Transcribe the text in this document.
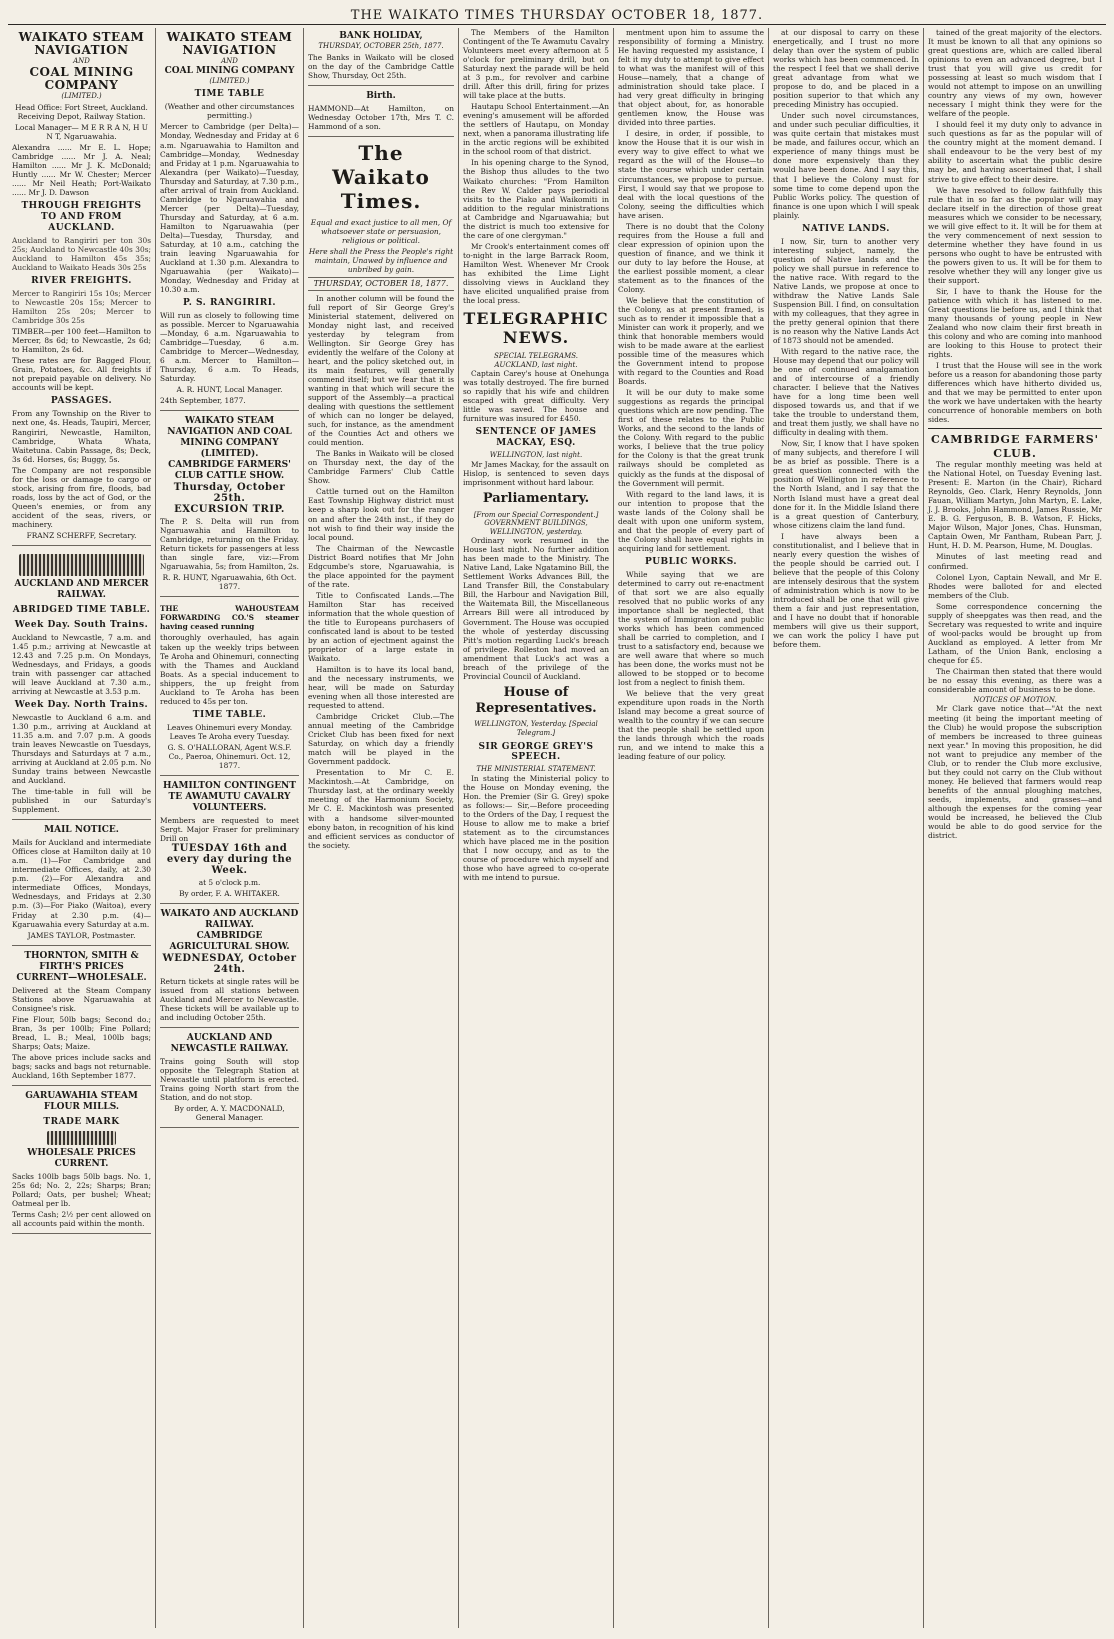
THE WAIKATO TIMES THURSDAY OCTOBER 18, 1877.
WAIKATO STEAM NAVIGATION
AND
COAL MINING COMPANY
(LIMITED.)
Head Office: Fort Street, Auckland. Receiving Depot, Railway Station.
Local Manager— M E R R A N, H U N T, Ngaruawahia.
Alexandra ...... Mr E. L. Hope; Cambridge ...... Mr J. A. Neal; Hamilton ...... Mr J. K. McDonald; Huntly ...... Mr W. Chester; Mercer ...... Mr Neil Heath; Port-Waikato ...... Mr J. D. Dawson
THROUGH FREIGHTS TO AND FROM AUCKLAND.
Auckland to Rangiriri per ton 30s 25s; Auckland to Newcastle 40s 30s; Auckland to Hamilton 45s 35s; Auckland to Waikato Heads 30s 25s
RIVER FREIGHTS.
Mercer to Rangiriri 15s 10s; Mercer to Newcastle 20s 15s; Mercer to Hamilton 25s 20s; Mercer to Cambridge 30s 25s
TIMBER—per 100 feet—Hamilton to Mercer, 8s 6d; to Newcastle, 2s 6d; to Hamilton, 2s 6d.
These rates are for Bagged Flour, Grain, Potatoes, &c. All freights if not prepaid payable on delivery. No accounts will be kept.
PASSAGES.
From any Township on the River to next one, 4s. Heads, Taupiri, Mercer, Rangiriri, Newcastle, Hamilton, Cambridge, Whata Whata, Waitetuna. Cabin Passage, 8s; Deck, 3s 6d. Horses, 6s; Buggy, 5s.
The Company are not responsible for the loss or damage to cargo or stock, arising from fire, floods, bad roads, loss by the act of God, or the Queen's enemies, or from any accident of the seas, rivers, or machinery.
FRANZ SCHERFF, Secretary.
AUCKLAND AND MERCER RAILWAY.
ABRIDGED TIME TABLE.
Week Day. South Trains.
Auckland to Newcastle, 7 a.m. and 1.45 p.m.; arriving at Newcastle at 12.43 and 7.25 p.m. On Mondays, Wednesdays, and Fridays, a goods train with passenger car attached will leave Auckland at 7.30 a.m., arriving at Newcastle at 3.53 p.m.
Week Day. North Trains.
Newcastle to Auckland 6 a.m. and 1.30 p.m., arriving at Auckland at 11.35 a.m. and 7.07 p.m. A goods train leaves Newcastle on Tuesdays, Thursdays and Saturdays at 7 a.m., arriving at Auckland at 2.05 p.m. No Sunday trains between Newcastle and Auckland.
The time-table in full will be published in our Saturday's Supplement.
MAIL NOTICE.
Mails for Auckland and intermediate Offices close at Hamilton daily at 10 a.m. (1)—For Cambridge and intermediate Offices, daily, at 2.30 p.m. (2)—For Alexandra and intermediate Offices, Mondays, Wednesdays, and Fridays at 2.30 p.m. (3)—For Piako (Waitoa), every Friday at 2.30 p.m. (4)—Kgaruawahia every Saturday at a.m.
JAMES TAYLOR, Postmaster.
THORNTON, SMITH & FIRTH'S PRICES CURRENT—WHOLESALE.
Delivered at the Steam Company Stations above Ngaruawahia at Consignee's risk.
Fine Flour, 50lb bags; Second do.; Bran, 3s per 100lb; Fine Pollard; Bread, L. B.; Meal, 100lb bags; Sharps; Oats; Maize.
The above prices include sacks and bags; sacks and bags not returnable. Auckland, 16th September 1877.
GARUAWAHIA STEAM FLOUR MILLS.
TRADE MARK
WHOLESALE PRICES CURRENT.
Sacks 100lb bags 50lb bags. No. 1, 25s 6d; No. 2, 22s; Sharps; Bran; Pollard; Oats, per bushel; Wheat; Oatmeal per lb.
Terms Cash; 2½ per cent allowed on all accounts paid within the month.
WAIKATO STEAM NAVIGATION
AND
COAL MINING COMPANY
(LIMITED.)
TIME TABLE
(Weather and other circumstances permitting.)
Mercer to Cambridge (per Delta)—Monday, Wednesday and Friday at 6 a.m. Ngaruawahia to Hamilton and Cambridge—Monday, Wednesday and Friday at 1 p.m. Ngaruawahia to Alexandra (per Waikato)—Tuesday, Thursday and Saturday, at 7.30 p.m., after arrival of train from Auckland. Cambridge to Ngaruawahia and Mercer (per Delta)—Tuesday, Thursday and Saturday, at 6 a.m. Hamilton to Ngaruawahia (per Delta)—Tuesday, Thursday, and Saturday, at 10 a.m., catching the train leaving Ngaruawahia for Auckland at 1.30 p.m. Alexandra to Ngaruawahia (per Waikato)—Monday, Wednesday and Friday at 10.30 a.m.
P. S. RANGIRIRI.
Will run as closely to following time as possible. Mercer to Ngaruawahia—Monday, 6 a.m. Ngaruawahia to Cambridge—Tuesday, 6 a.m. Cambridge to Mercer—Wednesday, 6 a.m. Mercer to Hamilton—Thursday, 6 a.m. To Heads, Saturday.
A. R. HUNT, Local Manager.
24th September, 1877.
WAIKATO STEAM NAVIGATION AND COAL MINING COMPANY (LIMITED).
CAMBRIDGE FARMERS' CLUB CATTLE SHOW.
Thursday, October 25th.
EXCURSION TRIP.
The P. S. Delta will run from Ngaruawahia and Hamilton to Cambridge, returning on the Friday. Return tickets for passengers at less than single fare, viz:—From Ngaruawahia, 5s; from Hamilton, 2s.
R. R. HUNT, Ngaruawahia, 6th Oct. 1877.
THE WAHOUSTEAM FORWARDING CO.'S steamer having ceased running
thoroughly overhauled, has again taken up the weekly trips between Te Aroha and Ohinemuri, connecting with the Thames and Auckland Boats. As a special inducement to shippers, the up freight from Auckland to Te Aroha has been reduced to 45s per ton.
TIME TABLE.
Leaves Ohinemuri every Monday. Leaves Te Aroha every Tuesday.
G. S. O'HALLORAN, Agent W.S.F. Co., Paeroa, Ohinemuri. Oct. 12, 1877.
HAMILTON CONTINGENT TE AWAMUTU CAVALRY VOLUNTEERS.
Members are requested to meet Sergt. Major Fraser for preliminary Drill on
TUESDAY 16th and every day during the Week.
at 5 o'clock p.m.
By order, F. A. WHITAKER.
WAIKATO AND AUCKLAND RAILWAY.
CAMBRIDGE AGRICULTURAL SHOW.
WEDNESDAY, October 24th.
Return tickets at single rates will be issued from all stations between Auckland and Mercer to Newcastle. These tickets will be available up to and including October 25th.
AUCKLAND AND NEWCASTLE RAILWAY.
Trains going South will stop opposite the Telegraph Station at Newcastle until platform is erected. Trains going North start from the Station, and do not stop.
By order, A. Y. MACDONALD, General Manager.
BANK HOLIDAY,
THURSDAY, OCTOBER 25th, 1877.
The Banks in Waikato will be closed on the day of the Cambridge Cattle Show, Thursday, Oct 25th.
Birth.
HAMMOND—At Hamilton, on Wednesday October 17th, Mrs T. C. Hammond of a son.
The Waikato Times.
Equal and exact justice to all men, Of whatsoever state or persuasion, religious or political.
Here shall the Press the People's right maintain, Unawed by influence and unbribed by gain.
THURSDAY, OCTOBER 18, 1877.
In another column will be found the full report of Sir George Grey's Ministerial statement, delivered on Monday night last, and received yesterday by telegram from Wellington. Sir George Grey has evidently the welfare of the Colony at heart, and the policy sketched out, in its main features, will generally commend itself; but we fear that it is wanting in that which will secure the support of the Assembly—a practical dealing with questions the settlement of which can no longer be delayed, such, for instance, as the amendment of the Counties Act and others we could mention.
The Banks in Waikato will be closed on Thursday next, the day of the Cambridge Farmers' Club Cattle Show.
Cattle turned out on the Hamilton East Township Highway district must keep a sharp look out for the ranger on and after the 24th inst., if they do not wish to find their way inside the local pound.
The Chairman of the Newcastle District Board notifies that Mr John Edgcumbe's store, Ngaruawahia, is the place appointed for the payment of the rate.
Title to Confiscated Lands.—The Hamilton Star has received information that the whole question of the title to Europeans purchasers of confiscated land is about to be tested by an action of ejectment against the proprietor of a large estate in Waikato.
Hamilton is to have its local band, and the necessary instruments, we hear, will be made on Saturday evening when all those interested are requested to attend.
Cambridge Cricket Club.—The annual meeting of the Cambridge Cricket Club has been fixed for next Saturday, on which day a friendly match will be played in the Government paddock.
Presentation to Mr C. E. Mackintosh.—At Cambridge, on Thursday last, at the ordinary weekly meeting of the Harmonium Society, Mr C. E. Mackintosh was presented with a handsome silver-mounted ebony baton, in recognition of his kind and efficient services as conductor of the society.
The Members of the Hamilton Contingent of the Te Awamutu Cavalry Volunteers meet every afternoon at 5 o'clock for preliminary drill, but on Saturday next the parade will be held at 3 p.m., for revolver and carbine drill. After this drill, firing for prizes will take place at the butts.
Hautapu School Entertainment.—An evening's amusement will be afforded the settlers of Hautapu, on Monday next, when a panorama illustrating life in the arctic regions will be exhibited in the school room of that district.
In his opening charge to the Synod, the Bishop thus alludes to the two Waikato churches: "From Hamilton the Rev W. Calder pays periodical visits to the Piako and Waikomiti in addition to the regular ministrations at Cambridge and Ngaruawahia; but the district is much too extensive for the care of one clergyman."
Mr Crook's entertainment comes off to-night in the large Barrack Room, Hamilton West. Whenever Mr Crook has exhibited the Lime Light dissolving views in Auckland they have elicited unqualified praise from the local press.
TELEGRAPHIC NEWS.
SPECIAL TELEGRAMS.
AUCKLAND, last night.
Captain Carey's house at Onehunga was totally destroyed. The fire burned so rapidly that his wife and children escaped with great difficulty. Very little was saved. The house and furniture was insured for £450.
SENTENCE OF JAMES MACKAY, ESQ.
WELLINGTON, last night.
Mr James Mackay, for the assault on Hislop, is sentenced to seven days imprisonment without hard labour.
Parliamentary.
[From our Special Correspondent.]
GOVERNMENT BUILDINGS, WELLINGTON, yesterday.
Ordinary work resumed in the House last night. No further addition has been made to the Ministry. The Native Land, Lake Ngatamino Bill, the Settlement Works Advances Bill, the Land Transfer Bill, the Constabulary Bill, the Harbour and Navigation Bill, the Waitemata Bill, the Miscellaneous Arrears Bill were all introduced by Government. The House was occupied the whole of yesterday discussing Pitt's motion regarding Luck's breach of privilege. Rolleston had moved an amendment that Luck's act was a breach of the privilege of the Provincial Council of Auckland.
House of Representatives.
WELLINGTON, Yesterday. [Special Telegram.]
SIR GEORGE GREY'S SPEECH.
THE MINISTERIAL STATEMENT.
In stating the Ministerial policy to the House on Monday evening, the Hon. the Premier (Sir G. Grey) spoke as follows:— Sir,—Before proceeding to the Orders of the Day, I request the House to allow me to make a brief statement as to the circumstances which have placed me in the position that I now occupy, and as to the course of procedure which myself and those who have agreed to co-operate with me intend to pursue.
mentment upon him to assume the responsibility of forming a Ministry. He having requested my assistance, I felt it my duty to attempt to give effect to what was the manifest will of this House—namely, that a change of administration should take place. I had very great difficulty in bringing that object about, for, as honorable gentlemen know, the House was divided into three parties.
I desire, in order, if possible, to know the House that it is our wish in every way to give effect to what we regard as the will of the House—to state the course which under certain circumstances, we propose to pursue. First, I would say that we propose to deal with the local questions of the Colony, seeing the difficulties which have arisen.
There is no doubt that the Colony requires from the House a full and clear expression of opinion upon the question of finance, and we think it our duty to lay before the House, at the earliest possible moment, a clear statement as to the finances of the Colony.
We believe that the constitution of the Colony, as at present framed, is such as to render it impossible that a Minister can work it properly, and we think that honorable members would wish to be made aware at the earliest possible time of the measures which the Government intend to propose with regard to the Counties and Road Boards.
It will be our duty to make some suggestions as regards the principal questions which are now pending. The first of these relates to the Public Works, and the second to the lands of the Colony. With regard to the public works, I believe that the true policy for the Colony is that the great trunk railways should be completed as quickly as the funds at the disposal of the Government will permit.
With regard to the land laws, it is our intention to propose that the waste lands of the Colony shall be dealt with upon one uniform system, and that the people of every part of the Colony shall have equal rights in acquiring land for settlement.
PUBLIC WORKS.
While saying that we are determined to carry out re-enactment of that sort we are also equally resolved that no public works of any importance shall be neglected, that the system of Immigration and public works which has been commenced shall be carried to completion, and I trust to a satisfactory end, because we are well aware that where so much has been done, the works must not be allowed to be stopped or to become lost from a neglect to finish them.
We believe that the very great expenditure upon roads in the North Island may become a great source of wealth to the country if we can secure that the people shall be settled upon the lands through which the roads run, and we intend to make this a leading feature of our policy.
at our disposal to carry on these energetically, and I trust no more delay than over the system of public works which has been commenced. In the respect I feel that we shall derive great advantage from what we propose to do, and be placed in a position superior to that which any preceding Ministry has occupied.
Under such novel circumstances, and under such peculiar difficulties, it was quite certain that mistakes must be made, and failures occur, which an experience of many things must be done more expensively than they would have been done. And I say this, that I believe the Colony must for some time to come depend upon the Public Works policy. The question of finance is one upon which I will speak plainly.
NATIVE LANDS.
I now, Sir, turn to another very interesting subject, namely, the question of Native lands and the policy we shall pursue in reference to the native race. With regard to the Native Lands, we propose at once to withdraw the Native Lands Sale Suspension Bill. I find, on consultation with my colleagues, that they agree in the pretty general opinion that there is no reason why the Native Lands Act of 1873 should not be amended.
With regard to the native race, the House may depend that our policy will be one of continued amalgamation and of intercourse of a friendly character. I believe that the Natives have for a long time been well disposed towards us, and that if we take the trouble to understand them, and treat them justly, we shall have no difficulty in dealing with them.
Now, Sir, I know that I have spoken of many subjects, and therefore I will be as brief as possible. There is a great question connected with the position of Wellington in reference to the North Island, and I say that the North Island must have a great deal done for it. In the Middle Island there is a great question of Canterbury, whose citizens claim the land fund.
I have always been a constitutionalist, and I believe that in nearly every question the wishes of the people should be carried out. I believe that the people of this Colony are intensely desirous that the system of administration which is now to be introduced shall be one that will give them a fair and just representation, and I have no doubt that if honorable members will give us their support, we can work the policy I have put before them.
tained of the great majority of the electors. It must be known to all that any opinions so great questions are, which are called liberal opinions to even an advanced degree, but I trust that you will give us credit for possessing at least so much wisdom that I would not attempt to impose on an unwilling country any views of my own, however necessary I might think they were for the welfare of the people.
I should feel it my duty only to advance in such questions as far as the popular will of the country might at the moment demand. I shall endeavour to be the very best of my ability to ascertain what the public desire may be, and having ascertained that, I shall strive to give effect to their desire.
We have resolved to follow faithfully this rule that in so far as the popular will may declare itself in the direction of those great measures which we consider to be necessary, we will give effect to it. It will be for them at the very commencement of next session to determine whether they have found in us persons who ought to have be entrusted with the powers given to us. It will be for them to resolve whether they will any longer give us their support.
Sir, I have to thank the House for the patience with which it has listened to me. Great questions lie before us, and I think that many thousands of young people in New Zealand who now claim their first breath in this colony and who are coming into manhood are looking to this House to protect their rights.
I trust that the House will see in the work before us a reason for abandoning those party differences which have hitherto divided us, and that we may be permitted to enter upon the work we have undertaken with the hearty concurrence of honorable members on both sides.
CAMBRIDGE FARMERS' CLUB.
The regular monthly meeting was held at the National Hotel, on Tuesday Evening last. Present: E. Marton (in the Chair), Richard Reynolds, Geo. Clark, Henry Reynolds, Jonn Fauan, William Martyn, John Martyn, E. Lake, J. J. Brooks, John Hammond, James Russie, Mr E. B. G. Ferguson, B. B. Watson, F. Hicks, Major Wilson, Major Jones, Chas. Hunsman, Captain Owen, Mr Fantham, Rubean Parr, J. Hunt, H. D. M. Pearson, Hume, M. Douglas.
Minutes of last meeting read and confirmed.
Colonel Lyon, Captain Newall, and Mr E. Rhodes were balloted for and elected members of the Club.
Some correspondence concerning the supply of sheepgates was then read, and the Secretary was requested to write and inquire of wool-packs would be brought up from Auckland as employed. A letter from Mr Latham, of the Union Bank, enclosing a cheque for £5.
The Chairman then stated that there would be no essay this evening, as there was a considerable amount of business to be done.
NOTICES OF MOTION.
Mr Clark gave notice that—"At the next meeting (it being the important meeting of the Club) he would propose the subscription of members be increased to three guineas next year." In moving this proposition, he did not want to prejudice any member of the Club, or to render the Club more exclusive, but they could not carry on the Club without money. He believed that farmers would reap benefits of the annual ploughing matches, seeds, implements, and grasses—and although the expenses for the coming year would be increased, he believed the Club would be able to do good service for the district.
